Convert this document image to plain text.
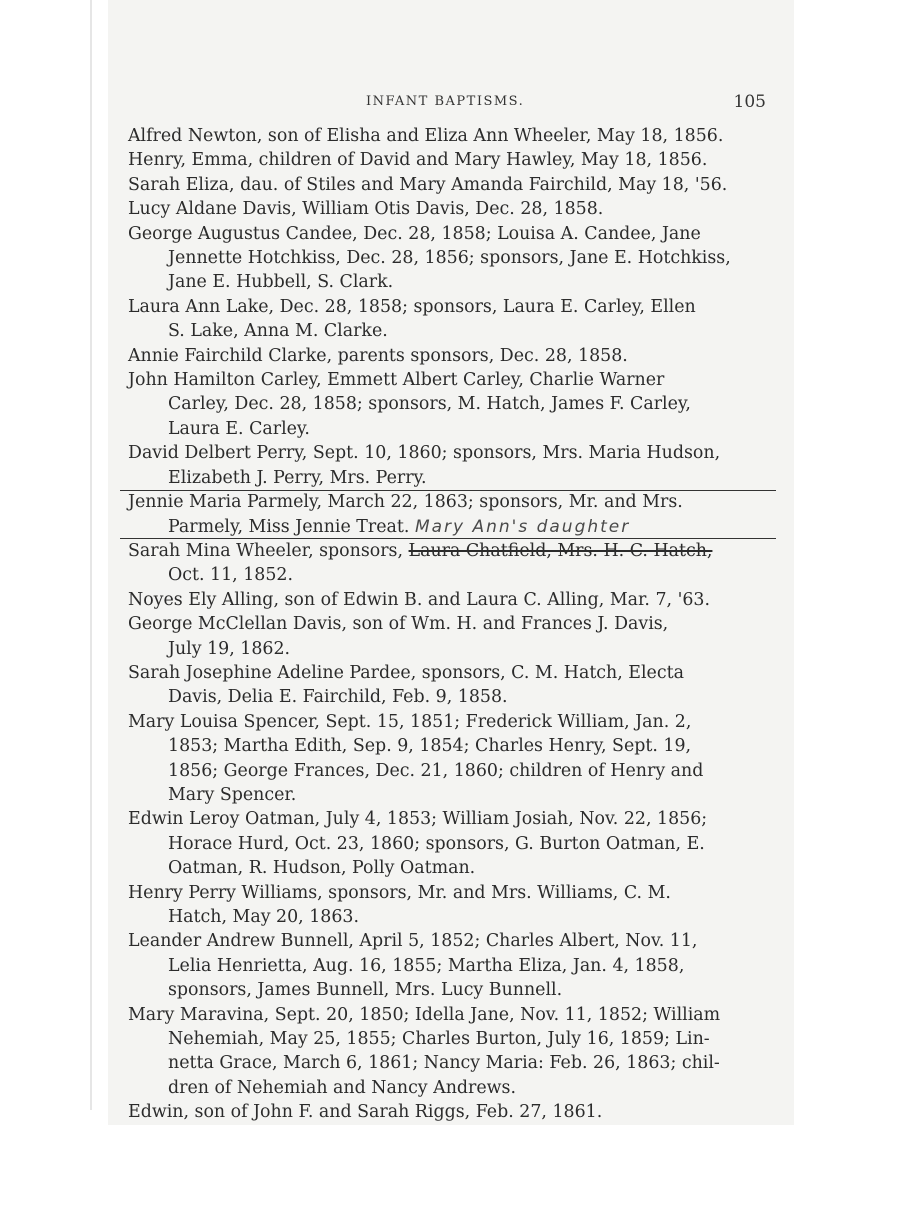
INFANT BAPTISMS.	105
Alfred Newton, son of Elisha and Eliza Ann Wheeler, May 18, 1856.
Henry, Emma, children of David and Mary Hawley, May 18, 1856.
Sarah Eliza, dau. of Stiles and Mary Amanda Fairchild, May 18, '56.
Lucy Aldane Davis, William Otis Davis, Dec. 28, 1858.
George Augustus Candee, Dec. 28, 1858; Louisa A. Candee, Jane
Jennette Hotchkiss, Dec. 28, 1856; sponsors, Jane E. Hotchkiss,
Jane E. Hubbell, S. Clark.
Laura Ann Lake, Dec. 28, 1858; sponsors, Laura E. Carley, Ellen
S. Lake, Anna M. Clarke.
Annie Fairchild Clarke, parents sponsors, Dec. 28, 1858.
John Hamilton Carley, Emmett Albert Carley, Charlie Warner
Carley, Dec. 28, 1858; sponsors, M. Hatch, James F. Carley,
Laura E. Carley.
David Delbert Perry, Sept. 10, 1860; sponsors, Mrs. Maria Hudson,
Elizabeth J. Perry, Mrs. Perry.
Jennie Maria Parmely, March 22, 1863; sponsors, Mr. and Mrs.
Parmely, Miss Jennie Treat. Mary Ann's daughter
Sarah Mina Wheeler, sponsors, Laura Chatfield, Mrs. H. C. Hatch,
Oct. 11, 1852.
Noyes Ely Alling, son of Edwin B. and Laura C. Alling, Mar. 7, '63.
George McClellan Davis, son of Wm. H. and Frances J. Davis,
July 19, 1862.
Sarah Josephine Adeline Pardee, sponsors, C. M. Hatch, Electa
Davis, Delia E. Fairchild, Feb. 9, 1858.
Mary Louisa Spencer, Sept. 15, 1851; Frederick William, Jan. 2,
1853; Martha Edith, Sep. 9, 1854; Charles Henry, Sept. 19,
1856; George Frances, Dec. 21, 1860; children of Henry and
Mary Spencer.
Edwin Leroy Oatman, July 4, 1853; William Josiah, Nov. 22, 1856;
Horace Hurd, Oct. 23, 1860; sponsors, G. Burton Oatman, E.
Oatman, R. Hudson, Polly Oatman.
Henry Perry Williams, sponsors, Mr. and Mrs. Williams, C. M.
Hatch, May 20, 1863.
Leander Andrew Bunnell, April 5, 1852; Charles Albert, Nov. 11,
Lelia Henrietta, Aug. 16, 1855; Martha Eliza, Jan. 4, 1858,
sponsors, James Bunnell, Mrs. Lucy Bunnell.
Mary Maravina, Sept. 20, 1850; Idella Jane, Nov. 11, 1852; William
Nehemiah, May 25, 1855; Charles Burton, July 16, 1859; Lin-
netta Grace, March 6, 1861; Nancy Maria: Feb. 26, 1863; chil-
dren of Nehemiah and Nancy Andrews.
Edwin, son of John F. and Sarah Riggs, Feb. 27, 1861.
